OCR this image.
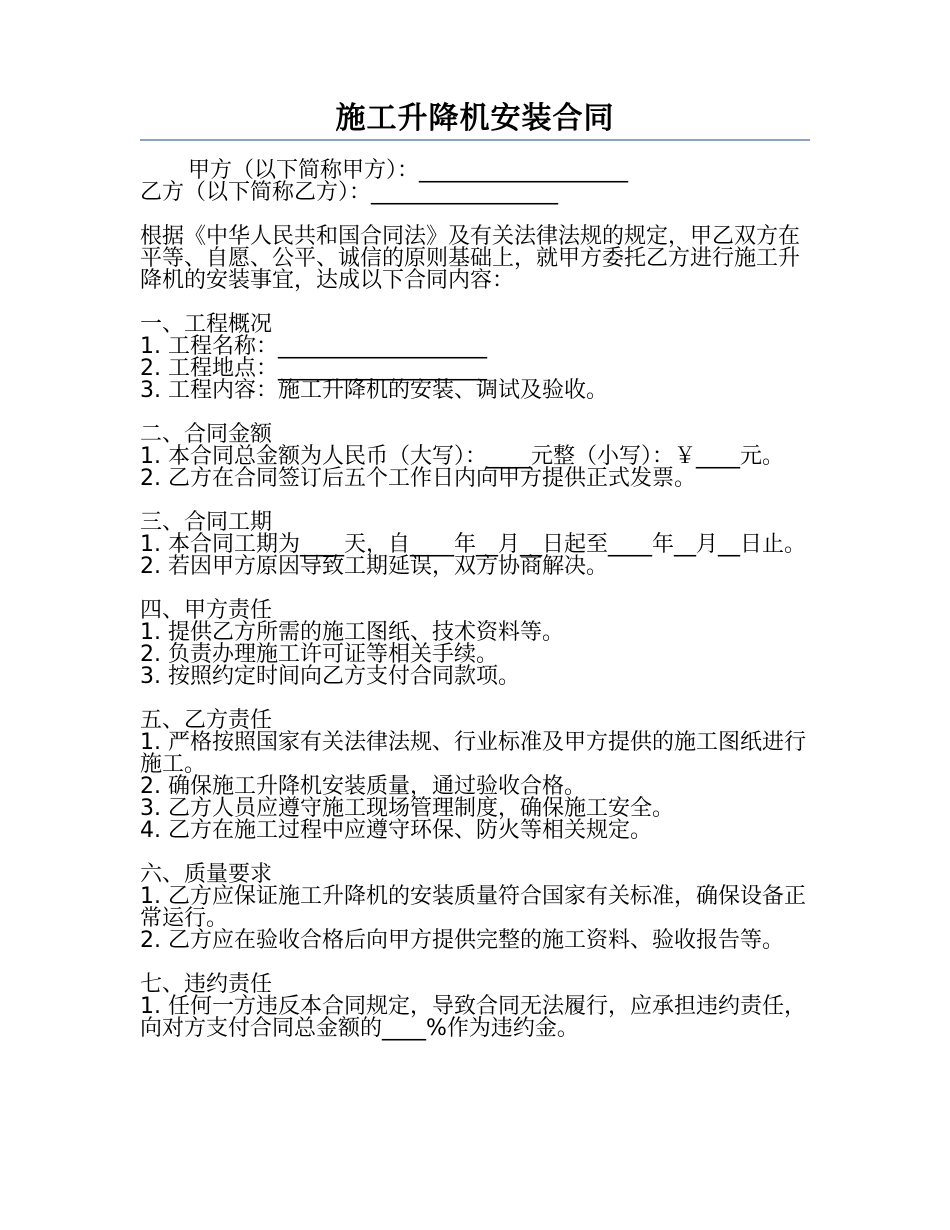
施工升降机安装合同
甲方（以下简称甲方）：___________________
乙方（以下简称乙方）：_________________
根据《中华人民共和国合同法》及有关法律法规的规定，甲乙双方在平等、自愿、公平、诚信的原则基础上，就甲方委托乙方进行施工升降机的安装事宜，达成以下合同内容：
一、工程概况
1. 工程名称：___________________
2. 工程地点：___________________
3. 工程内容：施工升降机的安装、调试及验收。
二、合同金额
1. 本合同总金额为人民币（大写）：____元整（小写）：￥____元。
2. 乙方在合同签订后五个工作日内向甲方提供正式发票。
三、合同工期
1. 本合同工期为____天，自____年__月__日起至____年__月__日止。
2. 若因甲方原因导致工期延误，双方协商解决。
四、甲方责任
1. 提供乙方所需的施工图纸、技术资料等。
2. 负责办理施工许可证等相关手续。
3. 按照约定时间向乙方支付合同款项。
五、乙方责任
1. 严格按照国家有关法律法规、行业标准及甲方提供的施工图纸进行施工。
2. 确保施工升降机安装质量，通过验收合格。
3. 乙方人员应遵守施工现场管理制度，确保施工安全。
4. 乙方在施工过程中应遵守环保、防火等相关规定。
六、质量要求
1. 乙方应保证施工升降机的安装质量符合国家有关标准，确保设备正常运行。
2. 乙方应在验收合格后向甲方提供完整的施工资料、验收报告等。
七、违约责任
1. 任何一方违反本合同规定，导致合同无法履行，应承担违约责任，向对方支付合同总金额的____%作为违约金。
